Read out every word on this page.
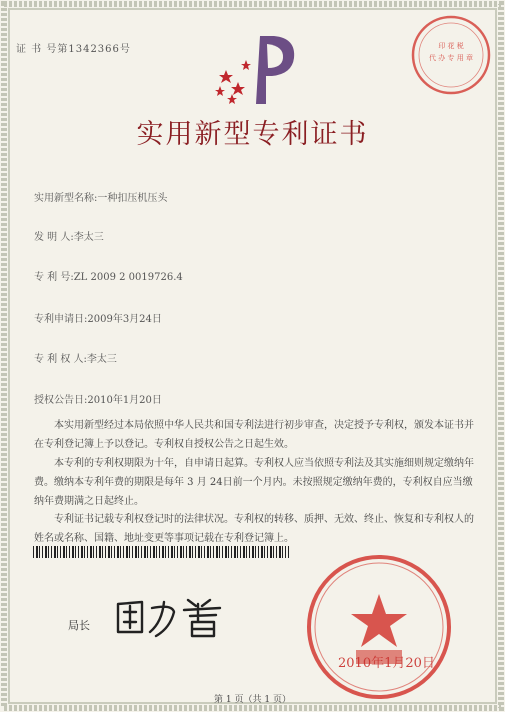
证 书 号第1342366号	印 花 税
代 办 专 用 章
实用新型专利证书
实用新型名称:一种扣压机压头
发 明 人:李太三
专 利 号:ZL 2009 2 0019726.4
专利申请日:2009年3月24日
专 利 权 人:李太三
授权公告日:2010年1月20日

本实用新型经过本局依照中华人民共和国专利法进行初步审查，决定授予专利权，颁发本证书并在专利登记簿上予以登记。专利权自授权公告之日起生效。

本专利的专利权期限为十年，自申请日起算。专利权人应当依照专利法及其实施细则规定缴纳年费。缴纳本专利年费的期限是每年 3 月 24日前一个月内。未按照规定缴纳年费的，专利权自应当缴纳年费期满之日起终止。

专利证书记载专利权登记时的法律状况。专利权的转移、质押、无效、终止、恢复和专利权人的姓名或名称、国籍、地址变更等事项记载在专利登记簿上。

局长
2010年1月20日
第 1 页（共 1 页）
